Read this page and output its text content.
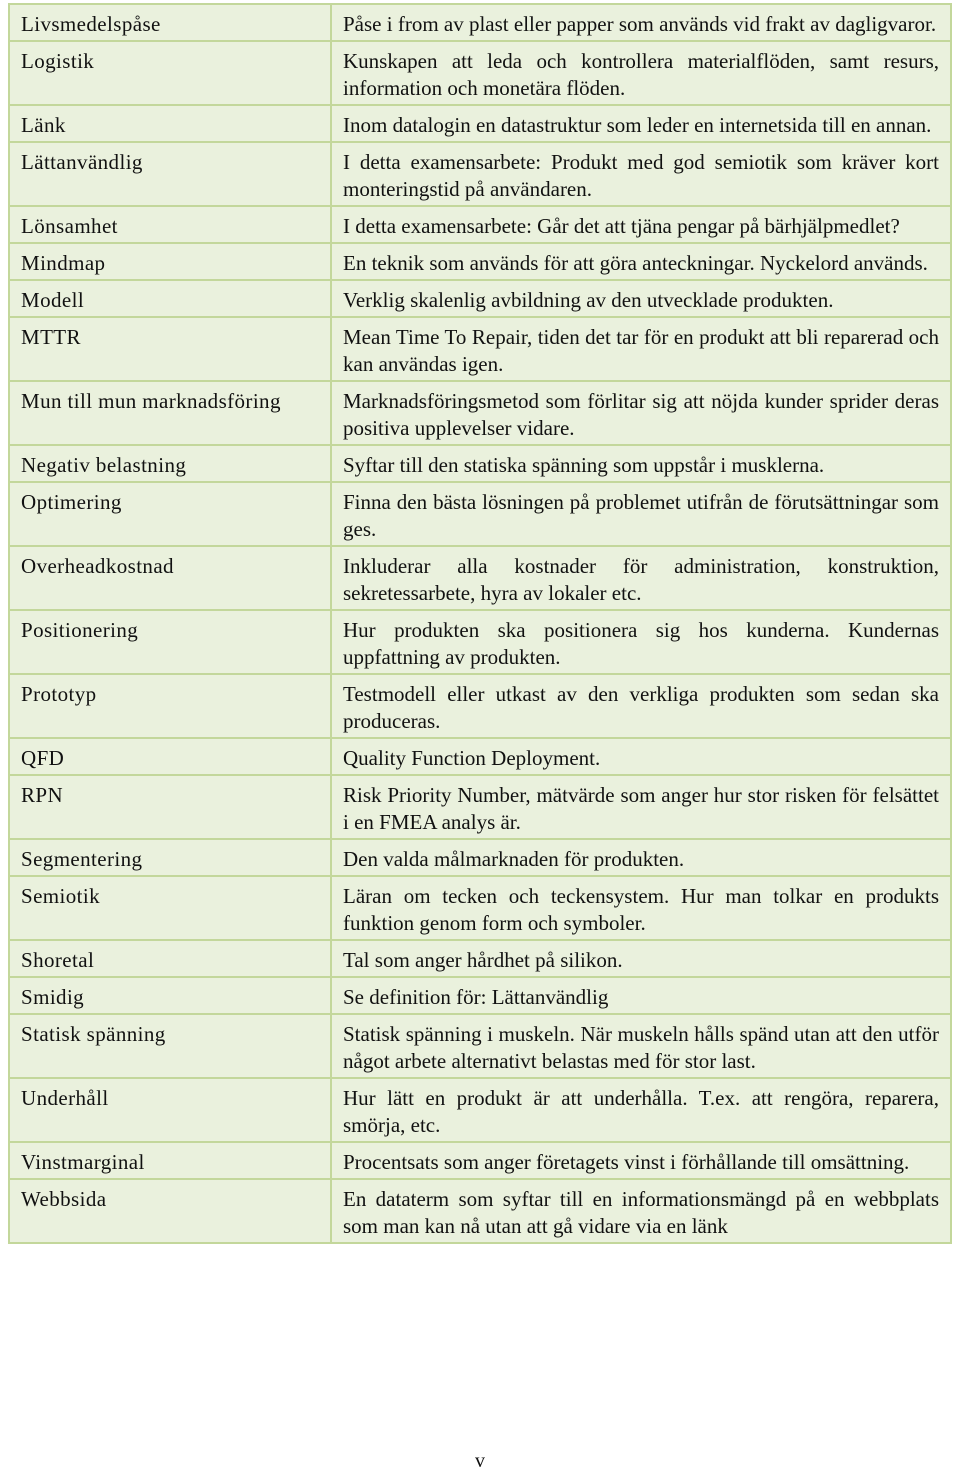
Livsmedelspåse	Påse i from av plast eller papper som används vid frakt av dagligvaror.
Logistik	Kunskapen att leda och kontrollera materialflöden, samt resurs, information och monetära flöden.
Länk	Inom datalogin en datastruktur som leder en internetsida till en annan.
Lättanvändlig	I detta examensarbete: Produkt med god semiotik som kräver kort monteringstid på användaren.
Lönsamhet	I detta examensarbete: Går det att tjäna pengar på bärhjälpmedlet?
Mindmap	En teknik som används för att göra anteckningar. Nyckelord används.
Modell	Verklig skalenlig avbildning av den utvecklade produkten.
MTTR	Mean Time To Repair, tiden det tar för en produkt att bli reparerad och kan användas igen.
Mun till mun marknadsföring	Marknadsföringsmetod som förlitar sig att nöjda kunder sprider deras positiva upplevelser vidare.
Negativ belastning	Syftar till den statiska spänning som uppstår i musklerna.
Optimering	Finna den bästa lösningen på problemet utifrån de förutsättningar som ges.
Overheadkostnad	Inkluderar alla kostnader för administration, konstruktion, sekretessarbete, hyra av lokaler etc.
Positionering	Hur produkten ska positionera sig hos kunderna. Kundernas uppfattning av produkten.
Prototyp	Testmodell eller utkast av den verkliga produkten som sedan ska produceras.
QFD	Quality Function Deployment.
RPN	Risk Priority Number, mätvärde som anger hur stor risken för felsättet i en FMEA analys är.
Segmentering	Den valda målmarknaden för produkten.
Semiotik	Läran om tecken och teckensystem. Hur man tolkar en produkts funktion genom form och symboler.
Shoretal	Tal som anger hårdhet på silikon.
Smidig	Se definition för: Lättanvändlig
Statisk spänning	Statisk spänning i muskeln. När muskeln hålls spänd utan att den utför något arbete alternativt belastas med för stor last.
Underhåll	Hur lätt en produkt är att underhålla. T.ex. att rengöra, reparera, smörja, etc.
Vinstmarginal	Procentsats som anger företagets vinst i förhållande till omsättning.
Webbsida	En dataterm som syftar till en informationsmängd på en webbplats som man kan nå utan att gå vidare via en länk
v
